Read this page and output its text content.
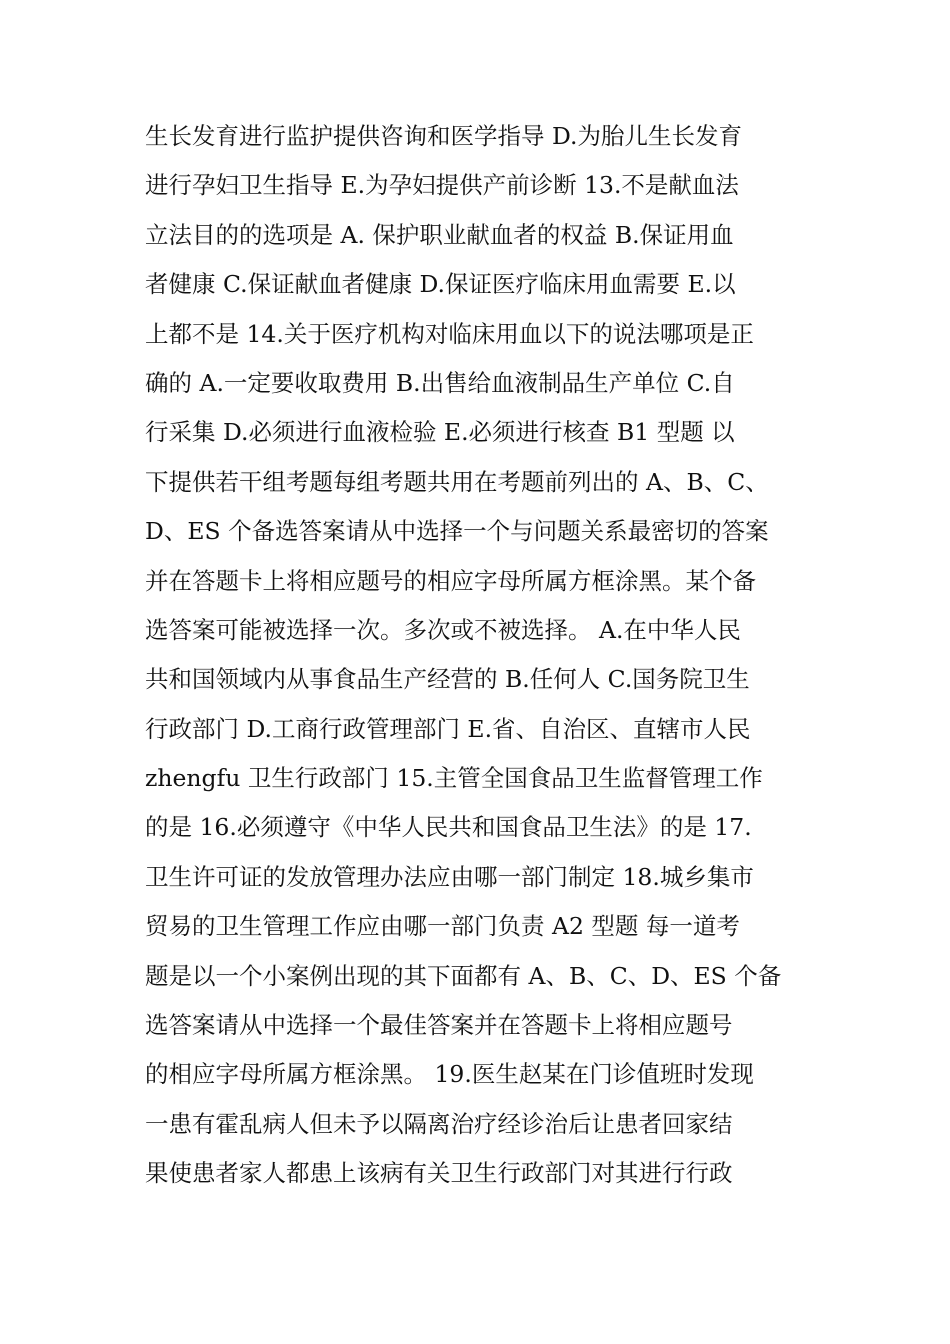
生长发育进行监护提供咨询和医学指导 D.为胎儿生长发育
进行孕妇卫生指导 E.为孕妇提供产前诊断 13.不是献血法
立法目的的选项是 A. 保护职业献血者的权益 B.保证用血
者健康 C.保证献血者健康 D.保证医疗临床用血需要 E.以
上都不是 14.关于医疗机构对临床用血以下的说法哪项是正
确的 A.一定要收取费用 B.出售给血液制品生产单位 C.自
行采集 D.必须进行血液检验 E.必须进行核查 B1 型题 以
下提供若干组考题每组考题共用在考题前列出的 A、B、C、
D、ES 个备选答案请从中选择一个与问题关系最密切的答案
并在答题卡上将相应题号的相应字母所属方框涂黑。某个备
选答案可能被选择一次。多次或不被选择。 A.在中华人民
共和国领域内从事食品生产经营的 B.任何人 C.国务院卫生
行政部门 D.工商行政管理部门 E.省、自治区、直辖市人民
zhengfu 卫生行政部门 15.主管全国食品卫生监督管理工作
的是 16.必须遵守《中华人民共和国食品卫生法》的是 17.
卫生许可证的发放管理办法应由哪一部门制定 18.城乡集市
贸易的卫生管理工作应由哪一部门负责 A2 型题 每一道考
题是以一个小案例出现的其下面都有 A、B、C、D、ES 个备
选答案请从中选择一个最佳答案并在答题卡上将相应题号
的相应字母所属方框涂黑。 19.医生赵某在门诊值班时发现
一患有霍乱病人但未予以隔离治疗经诊治后让患者回家结
果使患者家人都患上该病有关卫生行政部门对其进行行政
